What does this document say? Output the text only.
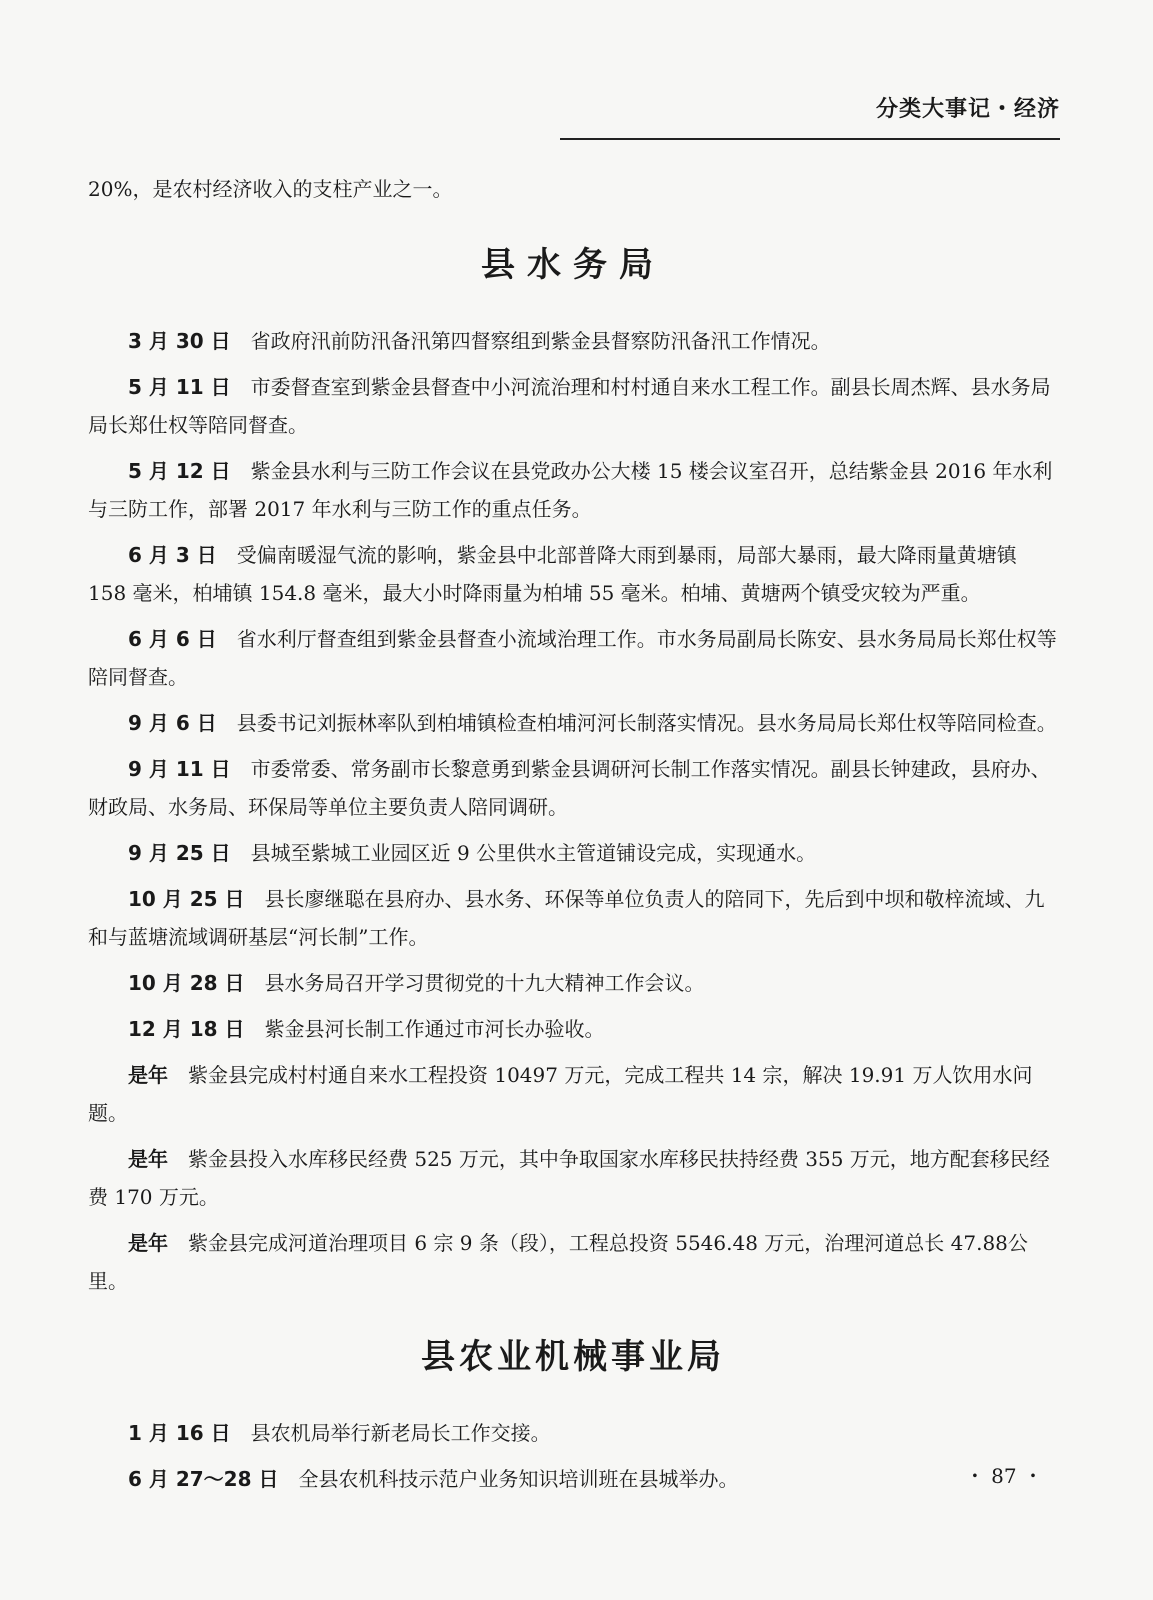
分类大事记・经济

20%，是农村经济收入的支柱产业之一。

县水务局

3 月 30 日 省政府汛前防汛备汛第四督察组到紫金县督察防汛备汛工作情况。

5 月 11 日 市委督查室到紫金县督查中小河流治理和村村通自来水工程工作。副县长周杰辉、县水务局局长郑仕权等陪同督查。

5 月 12 日 紫金县水利与三防工作会议在县党政办公大楼 15 楼会议室召开，总结紫金县 2016 年水利与三防工作，部署 2017 年水利与三防工作的重点任务。

6 月 3 日 受偏南暖湿气流的影响，紫金县中北部普降大雨到暴雨，局部大暴雨，最大降雨量黄塘镇 158 毫米，柏埔镇 154.8 毫米，最大小时降雨量为柏埔 55 毫米。柏埔、黄塘两个镇受灾较为严重。

6 月 6 日 省水利厅督查组到紫金县督查小流域治理工作。市水务局副局长陈安、县水务局局长郑仕权等陪同督查。

9 月 6 日 县委书记刘振林率队到柏埔镇检查柏埔河河长制落实情况。县水务局局长郑仕权等陪同检查。

9 月 11 日 市委常委、常务副市长黎意勇到紫金县调研河长制工作落实情况。副县长钟建政，县府办、财政局、水务局、环保局等单位主要负责人陪同调研。

9 月 25 日 县城至紫城工业园区近 9 公里供水主管道铺设完成，实现通水。

10 月 25 日 县长廖继聪在县府办、县水务、环保等单位负责人的陪同下，先后到中坝和敬梓流域、九和与蓝塘流域调研基层“河长制”工作。

10 月 28 日 县水务局召开学习贯彻党的十九大精神工作会议。

12 月 18 日 紫金县河长制工作通过市河长办验收。

是年 紫金县完成村村通自来水工程投资 10497 万元，完成工程共 14 宗，解决 19.91 万人饮用水问题。

是年 紫金县投入水库移民经费 525 万元，其中争取国家水库移民扶持经费 355 万元，地方配套移民经费 170 万元。

是年 紫金县完成河道治理项目 6 宗 9 条（段），工程总投资 5546.48 万元，治理河道总长 47.88公里。

县农业机械事业局

1 月 16 日 县农机局举行新老局长工作交接。

6 月 27～28 日 全县农机科技示范户业务知识培训班在县城举办。	・ 87 ・
